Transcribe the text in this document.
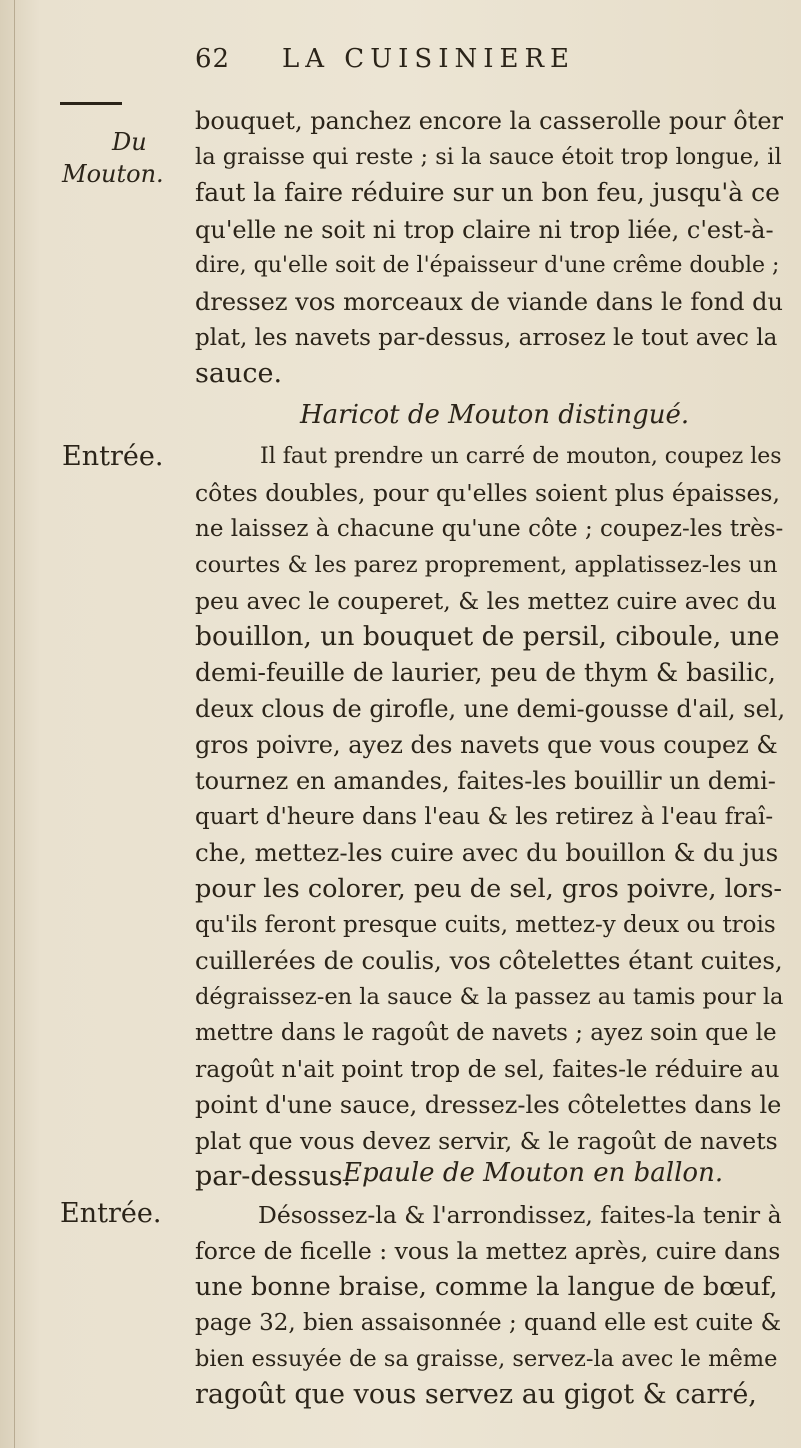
62 LA CUISINIERE
Du
Mouton.
Entrée.
Entrée.
bouquet, panchez encore la casserolle pour ôter
la graisse qui reste ; si la sauce étoit trop longue, il
faut la faire réduire sur un bon feu, jusqu'à ce
qu'elle ne soit ni trop claire ni trop liée, c'est-à-
dire, qu'elle soit de l'épaisseur d'une crême double ;
dressez vos morceaux de viande dans le fond du
plat, les navets par-dessus, arrosez le tout avec la
sauce.
Haricot de Mouton distingué.
Il faut prendre un carré de mouton, coupez les
côtes doubles, pour qu'elles soient plus épaisses,
ne laissez à chacune qu'une côte ; coupez-les très-
courtes & les parez proprement, applatissez-les un
peu avec le couperet, & les mettez cuire avec du
bouillon, un bouquet de persil, ciboule, une
demi-feuille de laurier, peu de thym & basilic,
deux clous de girofle, une demi-gousse d'ail, sel,
gros poivre, ayez des navets que vous coupez &
tournez en amandes, faites-les bouillir un demi-
quart d'heure dans l'eau & les retirez à l'eau fraî-
che, mettez-les cuire avec du bouillon & du jus
pour les colorer, peu de sel, gros poivre, lors-
qu'ils feront presque cuits, mettez-y deux ou trois
cuillerées de coulis, vos côtelettes étant cuites,
dégraissez-en la sauce & la passez au tamis pour la
mettre dans le ragoût de navets ; ayez soin que le
ragoût n'ait point trop de sel, faites-le réduire au
point d'une sauce, dressez-les côtelettes dans le
plat que vous devez servir, & le ragoût de navets
par-dessus.
Epaule de Mouton en ballon.
Désossez-la & l'arrondissez, faites-la tenir à
force de ficelle : vous la mettez après, cuire dans
une bonne braise, comme la langue de bœuf,
page 32, bien assaisonnée ; quand elle est cuite &
bien essuyée de sa graisse, servez-la avec le même
ragoût que vous servez au gigot & carré,
